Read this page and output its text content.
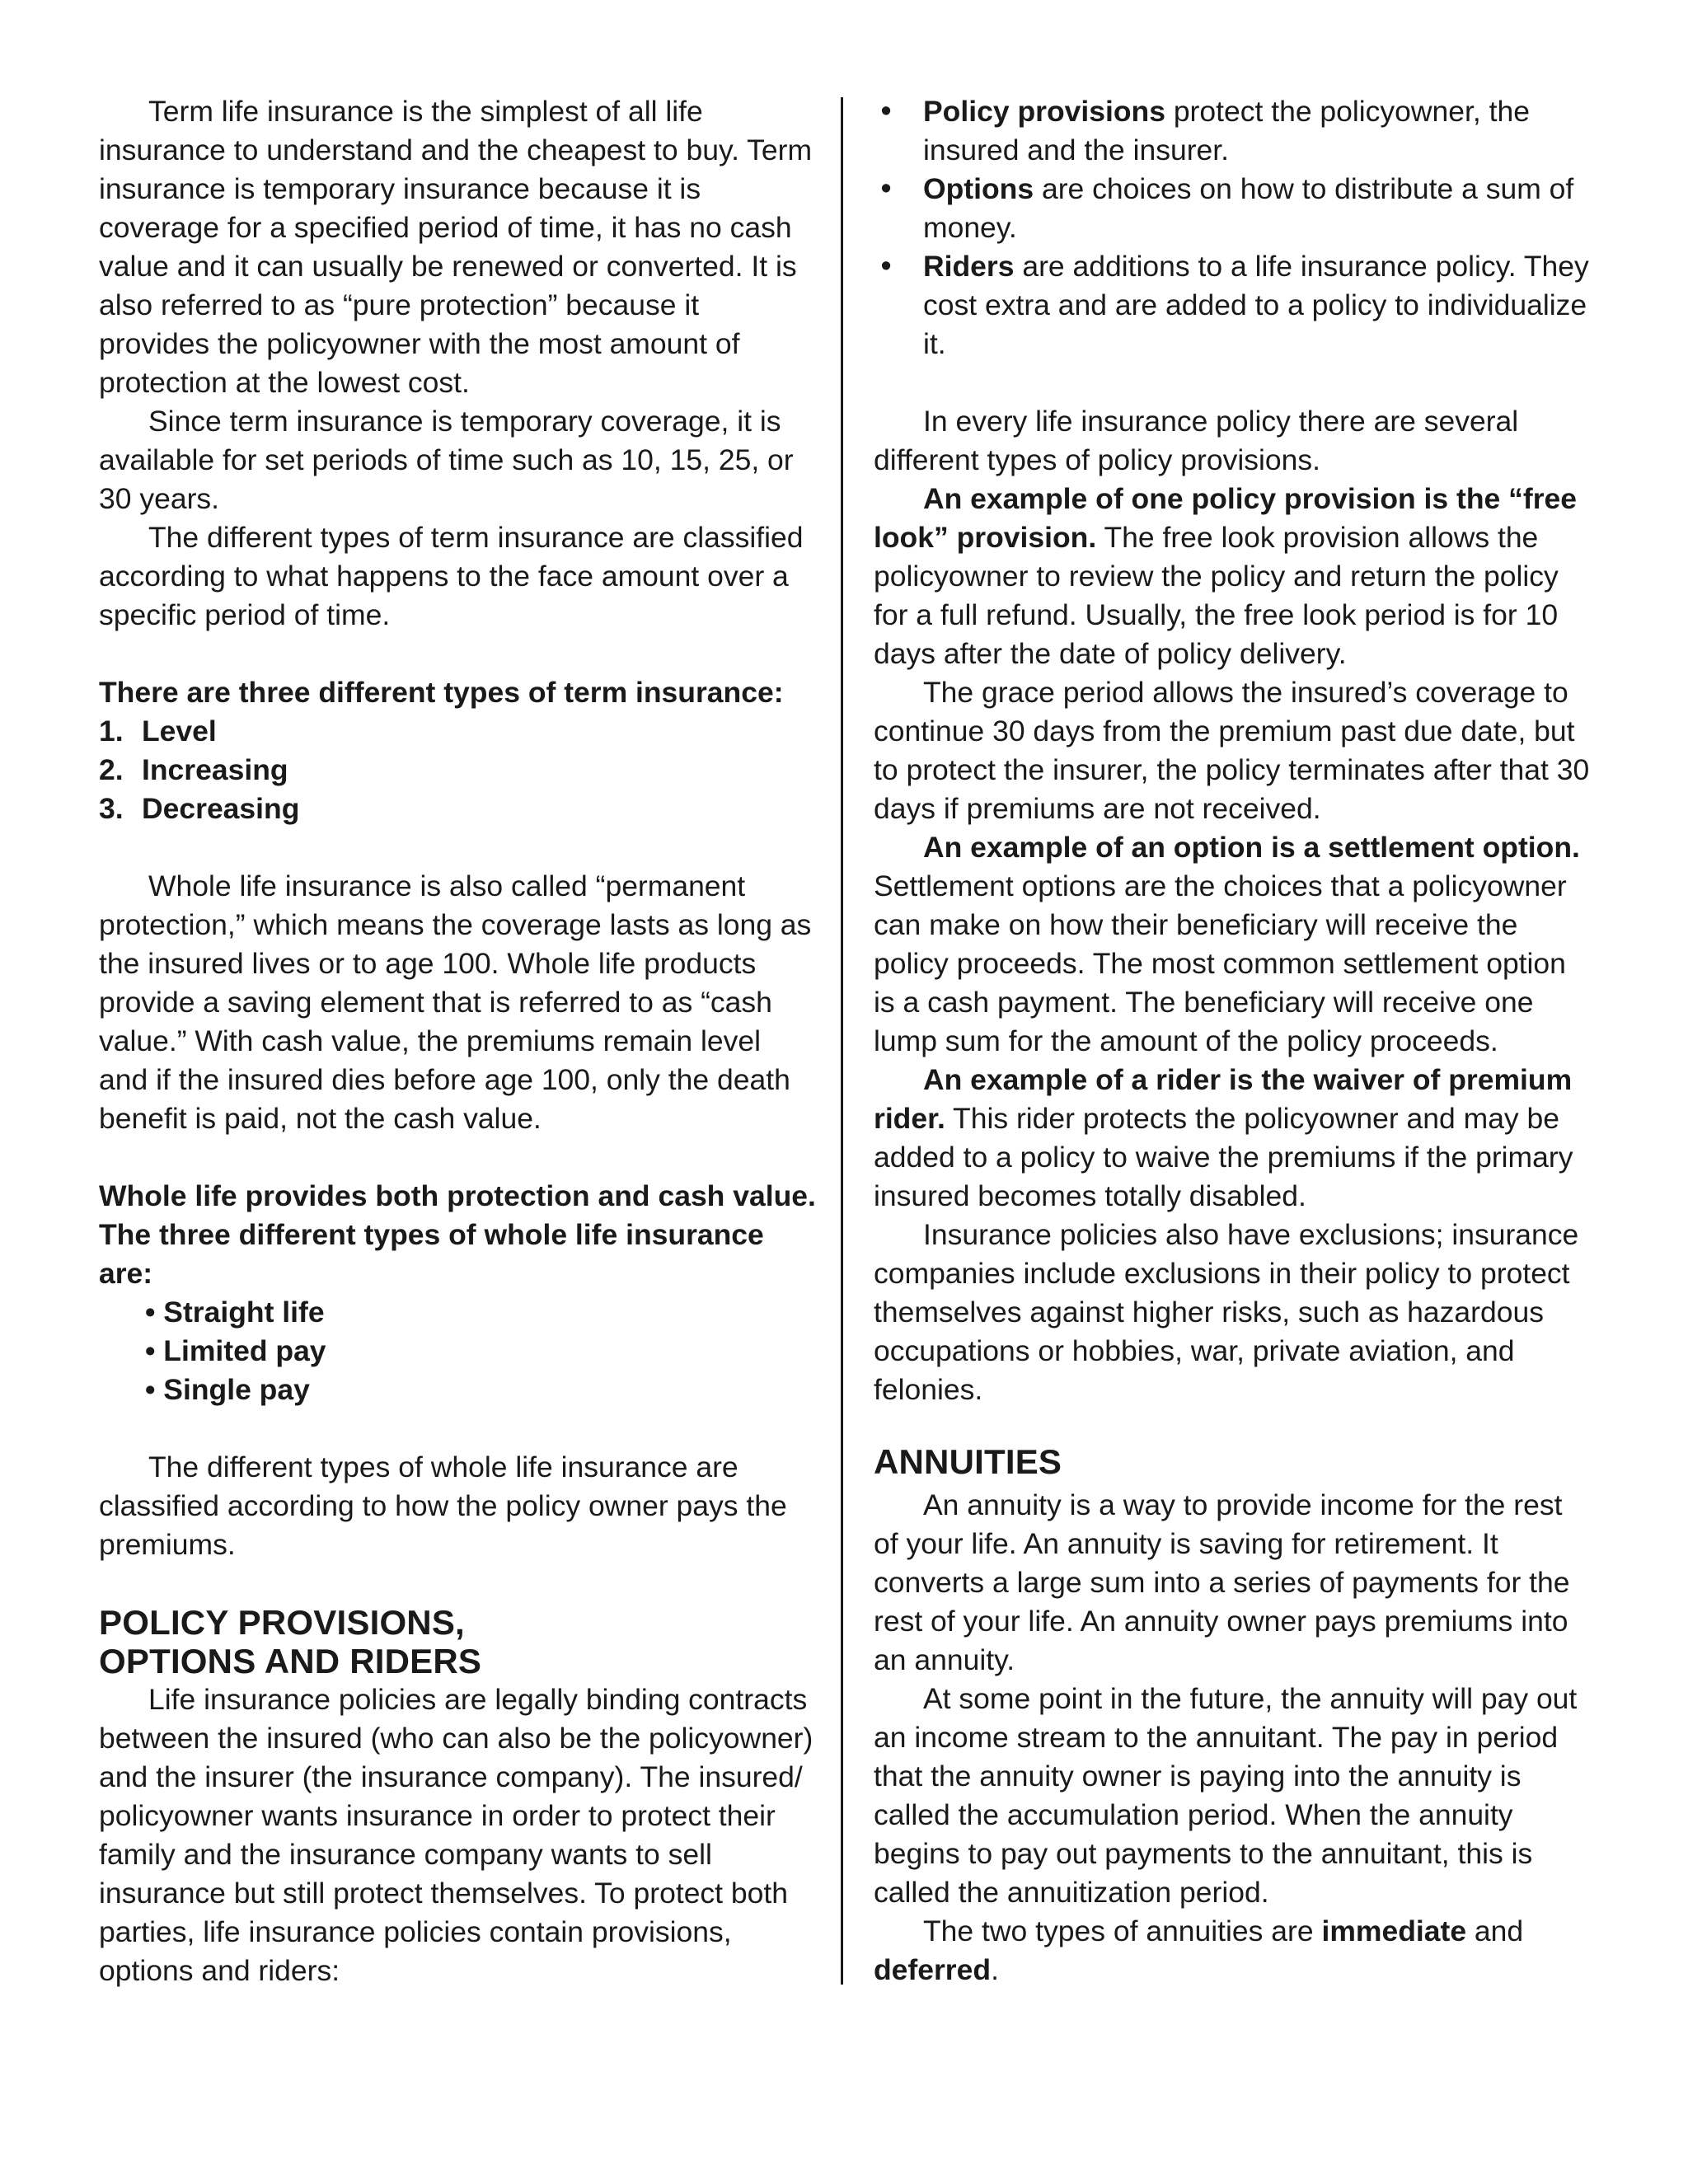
Term life insurance is the simplest of all life insurance to understand and the cheapest to buy. Term insurance is temporary insurance because it is coverage for a specified period of time, it has no cash value and it can usually be renewed or converted. It is also referred to as “pure protection” because it provides the policyowner with the most amount of protection at the lowest cost.

Since term insurance is temporary coverage, it is available for set periods of time such as 10, 15, 25, or 30 years.

The different types of term insurance are classified according to what happens to the face amount over a specific period of time.

There are three different types of term insurance:

1. Level
2. Increasing
3. Decreasing

Whole life insurance is also called “permanent protection,” which means the coverage lasts as long as the insured lives or to age 100. Whole life products provide a saving element that is referred to as “cash value.” With cash value, the premiums remain level and if the insured dies before age 100, only the death benefit is paid, not the cash value.

Whole life provides both protection and cash value.

The three different types of whole life insurance are:

• Straight life
• Limited pay
• Single pay

The different types of whole life insurance are classified according to how the policy owner pays the premiums.

POLICY PROVISIONS,
OPTIONS AND RIDERS

Life insurance policies are legally binding contracts between the insured (who can also be the policyowner) and the insurer (the insurance company). The insured/ policyowner wants insurance in order to protect their family and the insurance company wants to sell insurance but still protect themselves. To protect both parties, life insurance policies contain provisions, options and riders:

• Policy provisions protect the policyowner, the insured and the insurer.
• Options are choices on how to distribute a sum of money.
• Riders are additions to a life insurance policy. They cost extra and are added to a policy to individualize it.

In every life insurance policy there are several different types of policy provisions.

An example of one policy provision is the “free look” provision. The free look provision allows the policyowner to review the policy and return the policy for a full refund. Usually, the free look period is for 10 days after the date of policy delivery.

The grace period allows the insured’s coverage to continue 30 days from the premium past due date, but to protect the insurer, the policy terminates after that 30 days if premiums are not received.

An example of an option is a settlement option. Settlement options are the choices that a policyowner can make on how their beneficiary will receive the policy proceeds. The most common settlement option is a cash payment. The beneficiary will receive one lump sum for the amount of the policy proceeds.

An example of a rider is the waiver of premium rider. This rider protects the policyowner and may be added to a policy to waive the premiums if the primary insured becomes totally disabled.

Insurance policies also have exclusions; insurance companies include exclusions in their policy to protect themselves against higher risks, such as hazardous occupations or hobbies, war, private aviation, and felonies.

ANNUITIES

An annuity is a way to provide income for the rest of your life. An annuity is saving for retirement. It converts a large sum into a series of payments for the rest of your life. An annuity owner pays premiums into an annuity.

At some point in the future, the annuity will pay out an income stream to the annuitant. The pay in period that the annuity owner is paying into the annuity is called the accumulation period. When the annuity begins to pay out payments to the annuitant, this is called the annuitization period.

The two types of annuities are immediate and deferred.
